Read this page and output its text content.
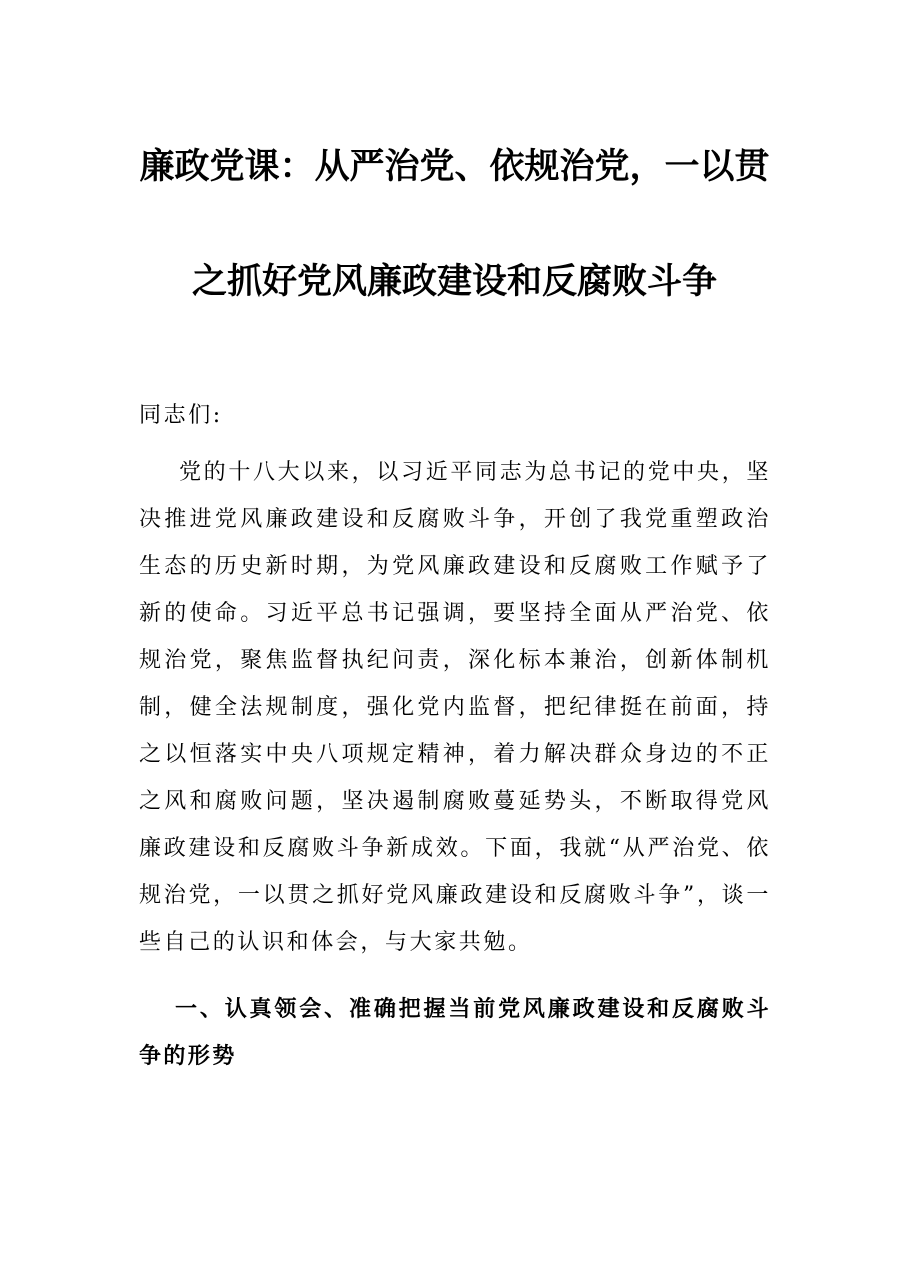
廉政党课：从严治党、依规治党，一以贯
之抓好党风廉政建设和反腐败斗争
同志们:
党的十八大以来，以习近平同志为总书记的党中央，坚决推进党风廉政建设和反腐败斗争，开创了我党重塑政治生态的历史新时期，为党风廉政建设和反腐败工作赋予了新的使命。习近平总书记强调，要坚持全面从严治党、依规治党，聚焦监督执纪问责，深化标本兼治，创新体制机制，健全法规制度，强化党内监督，把纪律挺在前面，持之以恒落实中央八项规定精神，着力解决群众身边的不正之风和腐败问题，坚决遏制腐败蔓延势头，不断取得党风廉政建设和反腐败斗争新成效。下面，我就“从严治党、依规治党，一以贯之抓好党风廉政建设和反腐败斗争”，谈一些自己的认识和体会，与大家共勉。
一、认真领会、准确把握当前党风廉政建设和反腐败斗争的形势
